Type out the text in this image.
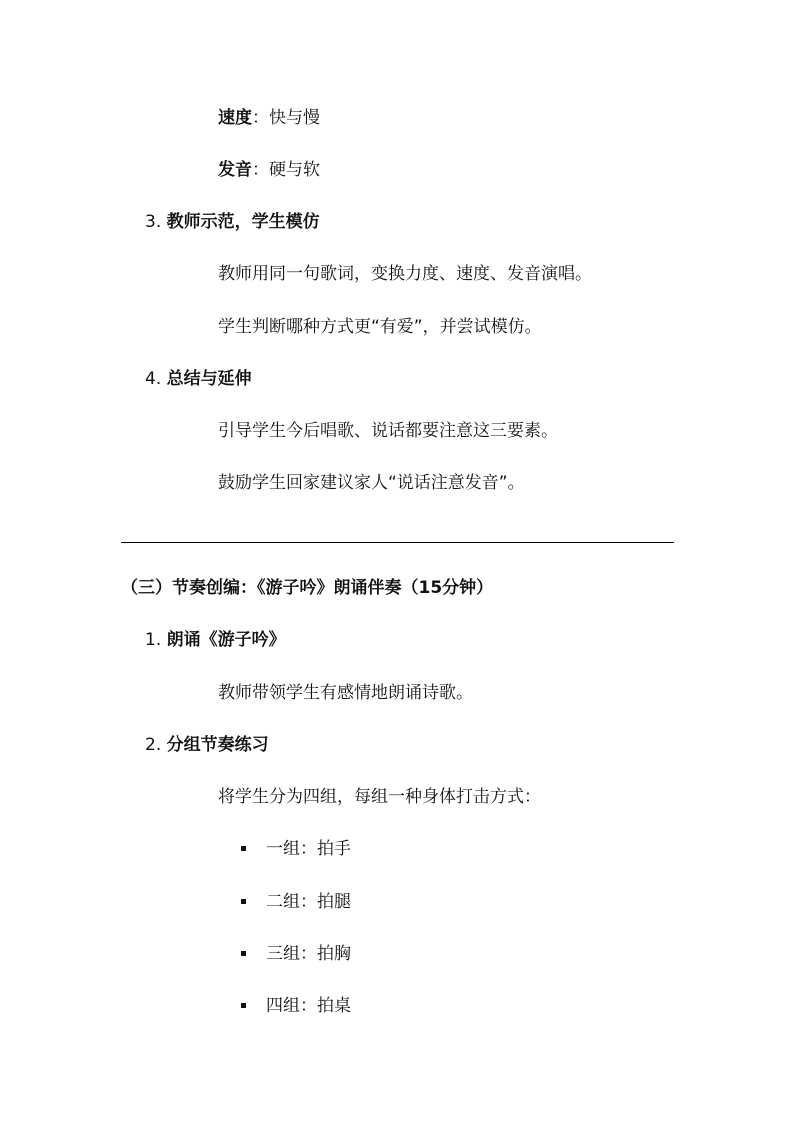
速度：快与慢
发音：硬与软
3. 教师示范，学生模仿
教师用同一句歌词，变换力度、速度、发音演唱。
学生判断哪种方式更“有爱”，并尝试模仿。
4. 总结与延伸
引导学生今后唱歌、说话都要注意这三要素。
鼓励学生回家建议家人“说话注意发音”。
（三）节奏创编：《游子吟》朗诵伴奏（15分钟）
1. 朗诵《游子吟》
教师带领学生有感情地朗诵诗歌。
2. 分组节奏练习
将学生分为四组，每组一种身体打击方式：
一组：拍手
二组：拍腿
三组：拍胸
四组：拍桌
